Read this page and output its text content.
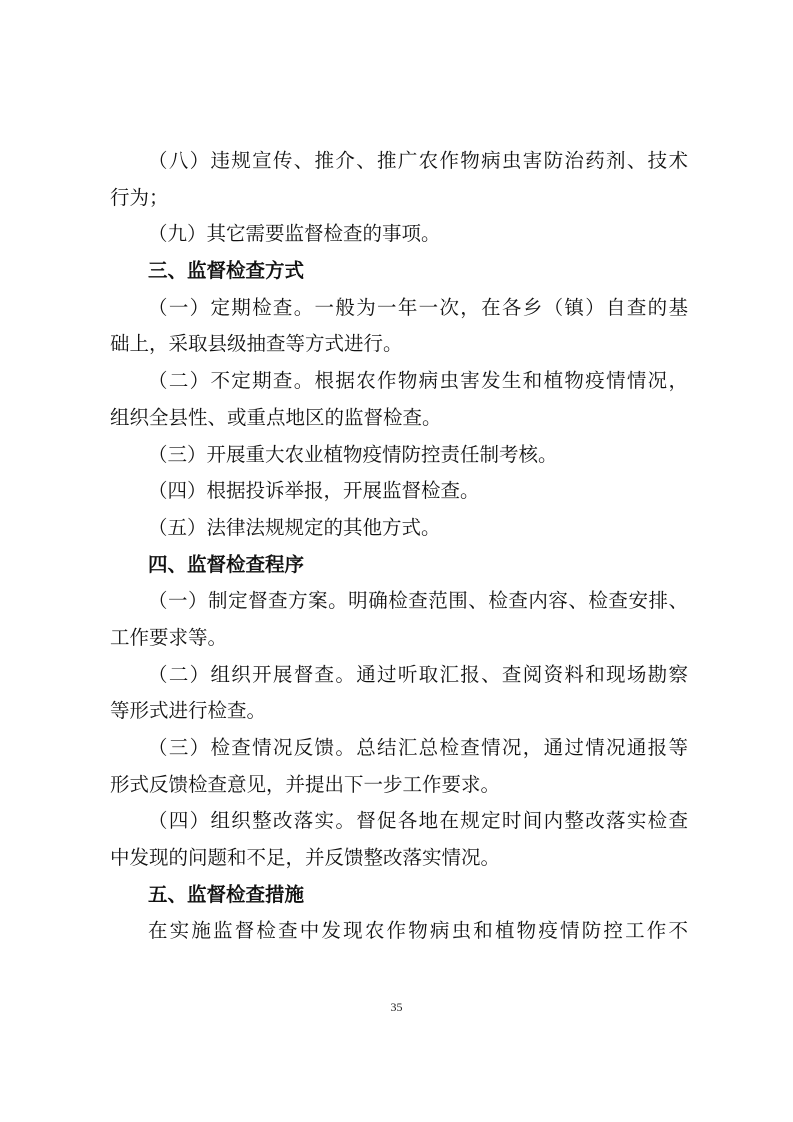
（八）违规宣传、推介、推广农作物病虫害防治药剂、技术
行为；
（九）其它需要监督检查的事项。
三、监督检查方式
（一）定期检查。一般为一年一次，在各乡（镇）自查的基
础上，采取县级抽查等方式进行。
（二）不定期查。根据农作物病虫害发生和植物疫情情况，
组织全县性、或重点地区的监督检查。
（三）开展重大农业植物疫情防控责任制考核。
（四）根据投诉举报，开展监督检查。
（五）法律法规规定的其他方式。
四、监督检查程序
（一）制定督查方案。明确检查范围、检查内容、检查安排、
工作要求等。
（二）组织开展督查。通过听取汇报、查阅资料和现场勘察
等形式进行检查。
（三）检查情况反馈。总结汇总检查情况，通过情况通报等
形式反馈检查意见，并提出下一步工作要求。
（四）组织整改落实。督促各地在规定时间内整改落实检查
中发现的问题和不足，并反馈整改落实情况。
五、监督检查措施
在实施监督检查中发现农作物病虫和植物疫情防控工作不
35
